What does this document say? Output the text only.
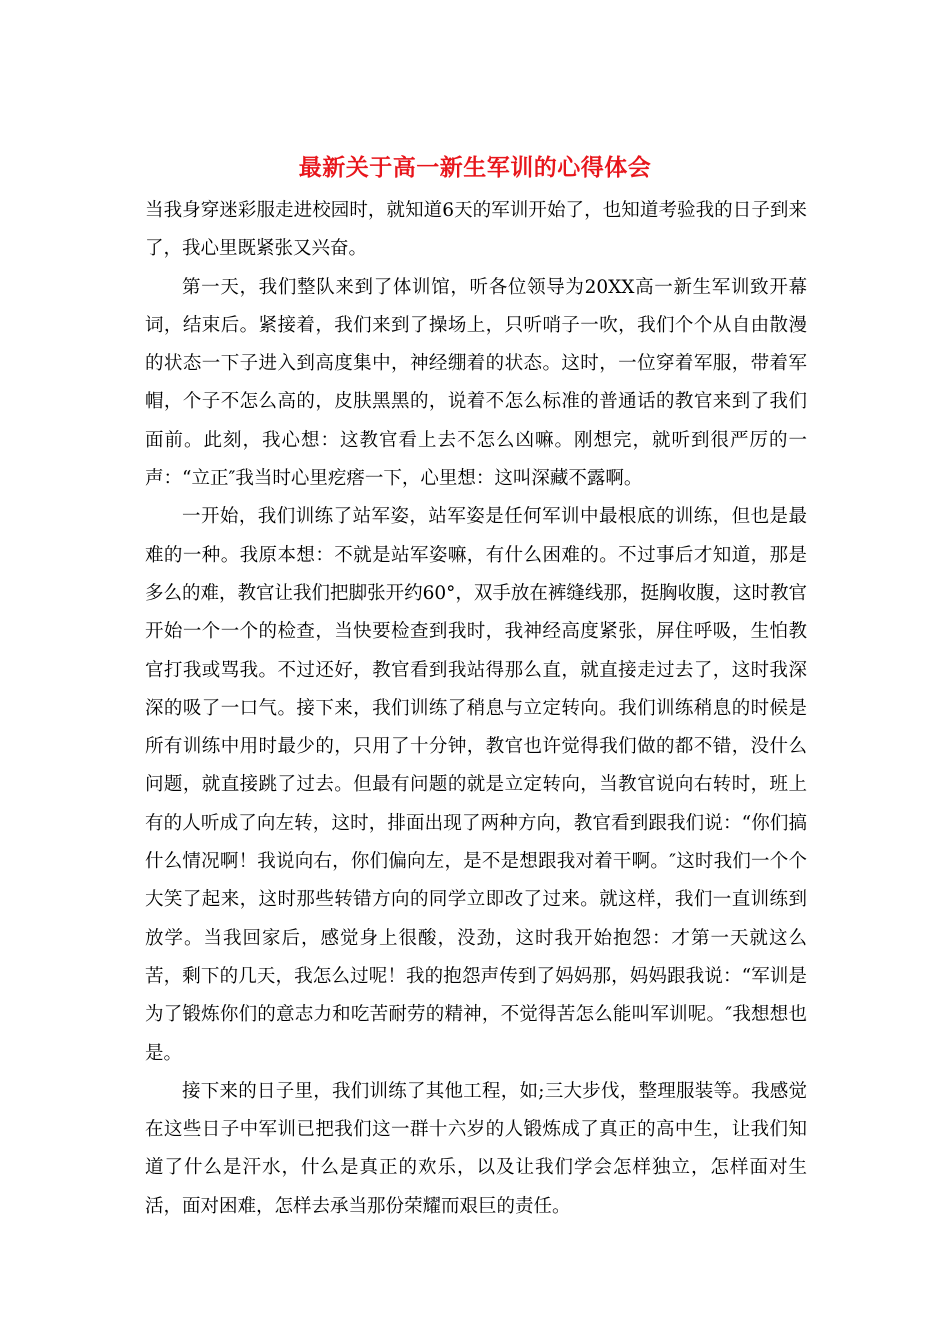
最新关于高一新生军训的心得体会

当我身穿迷彩服走进校园时，就知道6天的军训开始了，也知道考验我的日子到来了，我心里既紧张又兴奋。

第一天，我们整队来到了体训馆，听各位领导为20XX高一新生军训致开幕词，结束后。紧接着，我们来到了操场上，只听哨子一吹，我们个个从自由散漫的状态一下子进入到高度集中，神经绷着的状态。这时，一位穿着军服，带着军帽，个子不怎么高的，皮肤黑黑的，说着不怎么标准的普通话的教官来到了我们面前。此刻，我心想：这教官看上去不怎么凶嘛。刚想完，就听到很严厉的一声：“立正″我当时心里疙瘩一下，心里想：这叫深藏不露啊。

一开始，我们训练了站军姿，站军姿是任何军训中最根底的训练，但也是最难的一种。我原本想：不就是站军姿嘛，有什么困难的。不过事后才知道，那是多么的难，教官让我们把脚张开约60°，双手放在裤缝线那，挺胸收腹，这时教官开始一个一个的检查，当快要检查到我时，我神经高度紧张，屏住呼吸，生怕教官打我或骂我。不过还好，教官看到我站得那么直，就直接走过去了，这时我深深的吸了一口气。接下来，我们训练了稍息与立定转向。我们训练稍息的时候是所有训练中用时最少的，只用了十分钟，教官也许觉得我们做的都不错，没什么问题，就直接跳了过去。但最有问题的就是立定转向，当教官说向右转时，班上有的人听成了向左转，这时，排面出现了两种方向，教官看到跟我们说：“你们搞什么情况啊！我说向右，你们偏向左，是不是想跟我对着干啊。″这时我们一个个大笑了起来，这时那些转错方向的同学立即改了过来。就这样，我们一直训练到放学。当我回家后，感觉身上很酸，没劲，这时我开始抱怨：才第一天就这么苦，剩下的几天，我怎么过呢！我的抱怨声传到了妈妈那，妈妈跟我说：“军训是为了锻炼你们的意志力和吃苦耐劳的精神，不觉得苦怎么能叫军训呢。″我想想也是。

接下来的日子里，我们训练了其他工程，如;三大步伐，整理服装等。我感觉在这些日子中军训已把我们这一群十六岁的人锻炼成了真正的高中生，让我们知道了什么是汗水，什么是真正的欢乐，以及让我们学会怎样独立，怎样面对生活，面对困难，怎样去承当那份荣耀而艰巨的责任。
